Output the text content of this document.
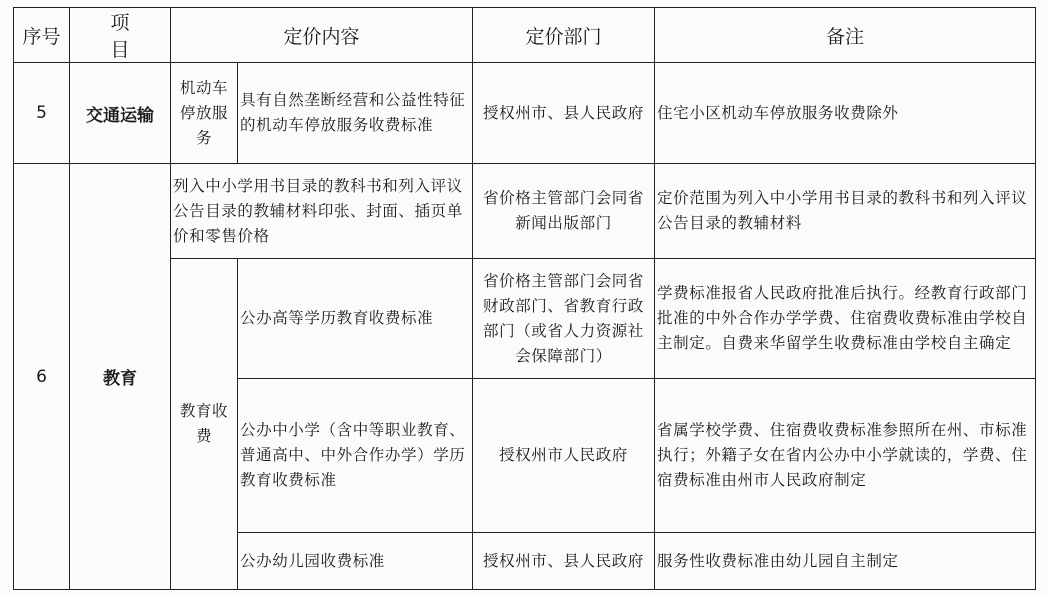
序号	项　目	定价内容		定价部门	备注
5	交通运输	机动车停放服务	具有自然垄断经营和公益性特征的机动车停放服务收费标准	授权州市、县人民政府	住宅小区机动车停放服务收费除外
6	教育	列入中小学用书目录的教科书和列入评议公告目录的教辅材料印张、封面、插页单价和零售价格		省价格主管部门会同省新闻出版部门	定价范围为列入中小学用书目录的教科书和列入评议公告目录的教辅材料
		教育收费	公办高等学历教育收费标准	省价格主管部门会同省财政部门、省教育行政部门（或省人力资源社会保障部门）	学费标准报省人民政府批准后执行。经教育行政部门批准的中外合作办学学费、住宿费收费标准由学校自主制定。自费来华留学生收费标准由学校自主确定
			公办中小学（含中等职业教育、普通高中、中外合作办学）学历教育收费标准	授权州市人民政府	省属学校学费、住宿费收费标准参照所在州、市标准执行；外籍子女在省内公办中小学就读的，学费、住宿费标准由州市人民政府制定
			公办幼儿园收费标准	授权州市、县人民政府	服务性收费标准由幼儿园自主制定
